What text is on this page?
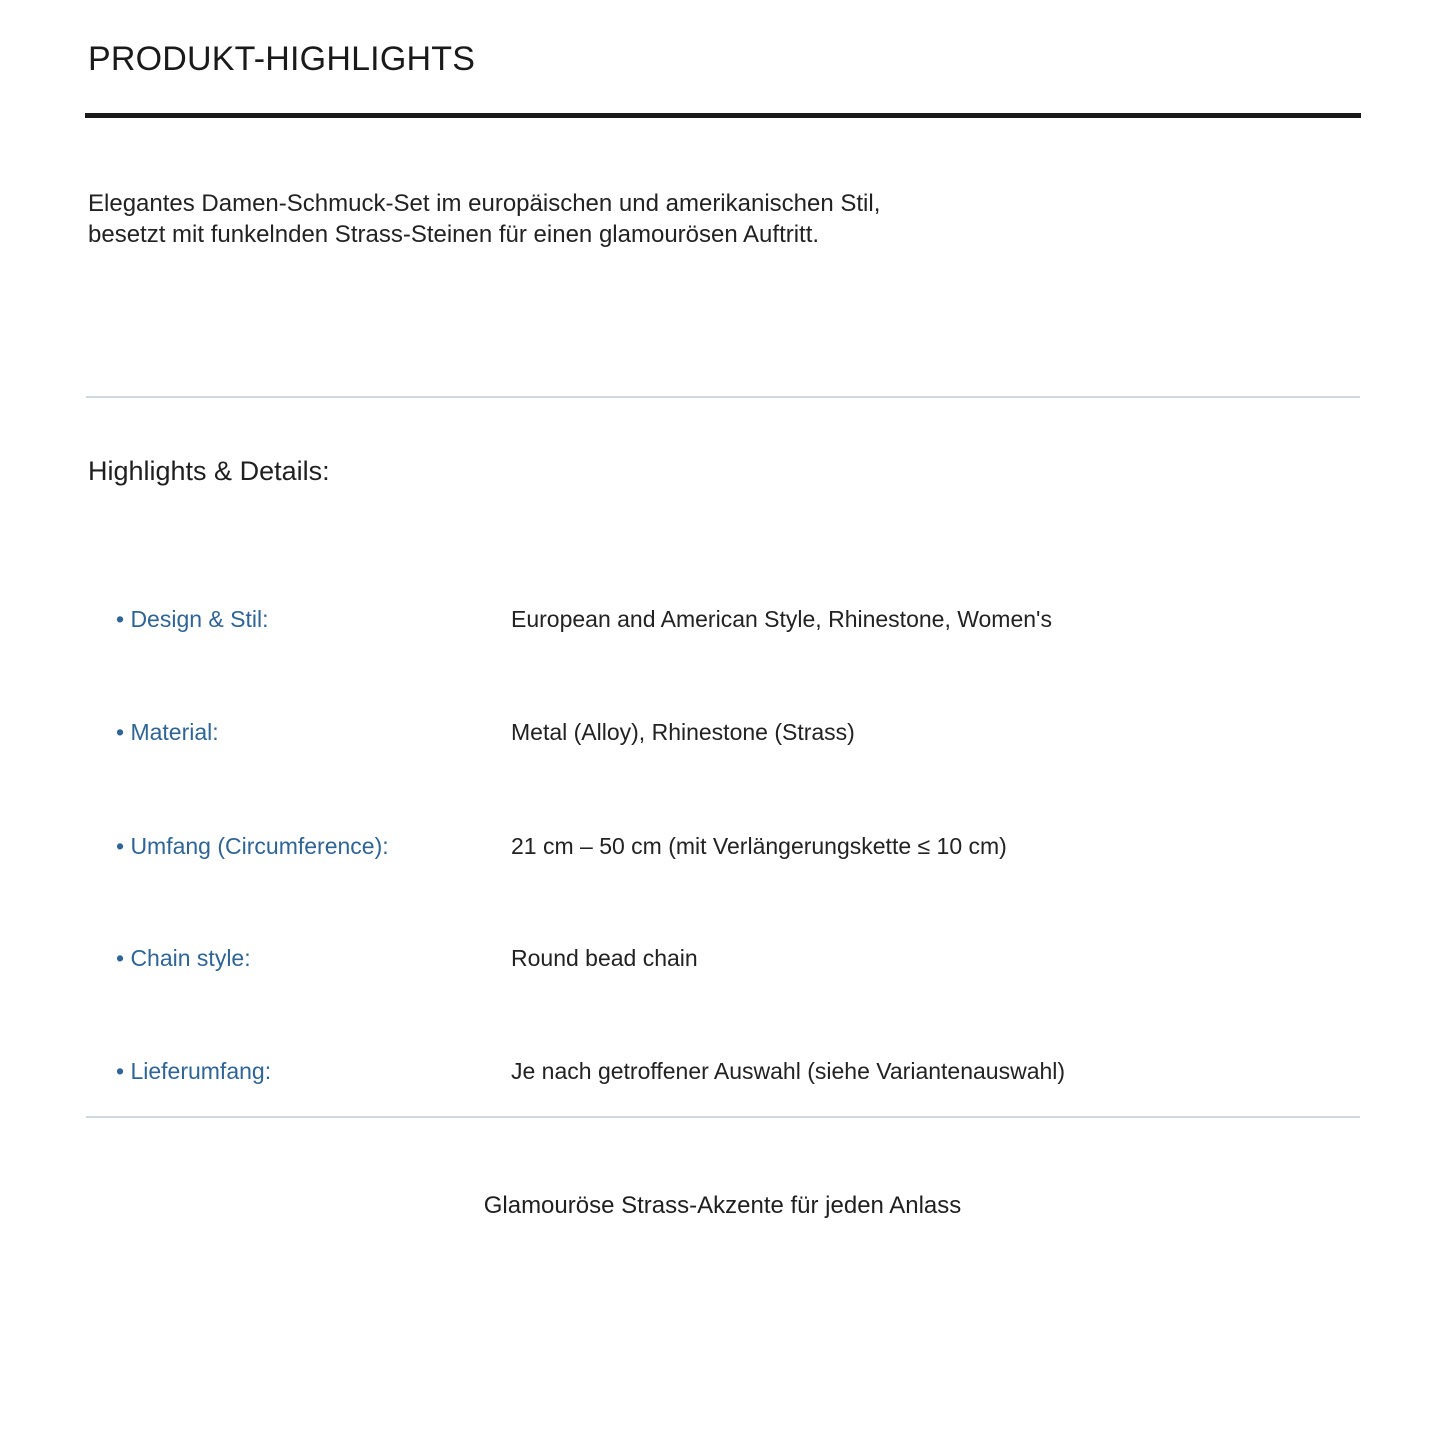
PRODUKT-HIGHLIGHTS
Elegantes Damen-Schmuck-Set im europäischen und amerikanischen Stil,
besetzt mit funkelnden Strass-Steinen für einen glamourösen Auftritt.
Highlights & Details:
• Design & Stil:	European and American Style, Rhinestone, Women's
• Material:	Metal (Alloy), Rhinestone (Strass)
• Umfang (Circumference):	21 cm – 50 cm (mit Verlängerungskette ≤ 10 cm)
• Chain style:	Round bead chain
• Lieferumfang:	Je nach getroffener Auswahl (siehe Variantenauswahl)
Glamouröse Strass-Akzente für jeden Anlass
